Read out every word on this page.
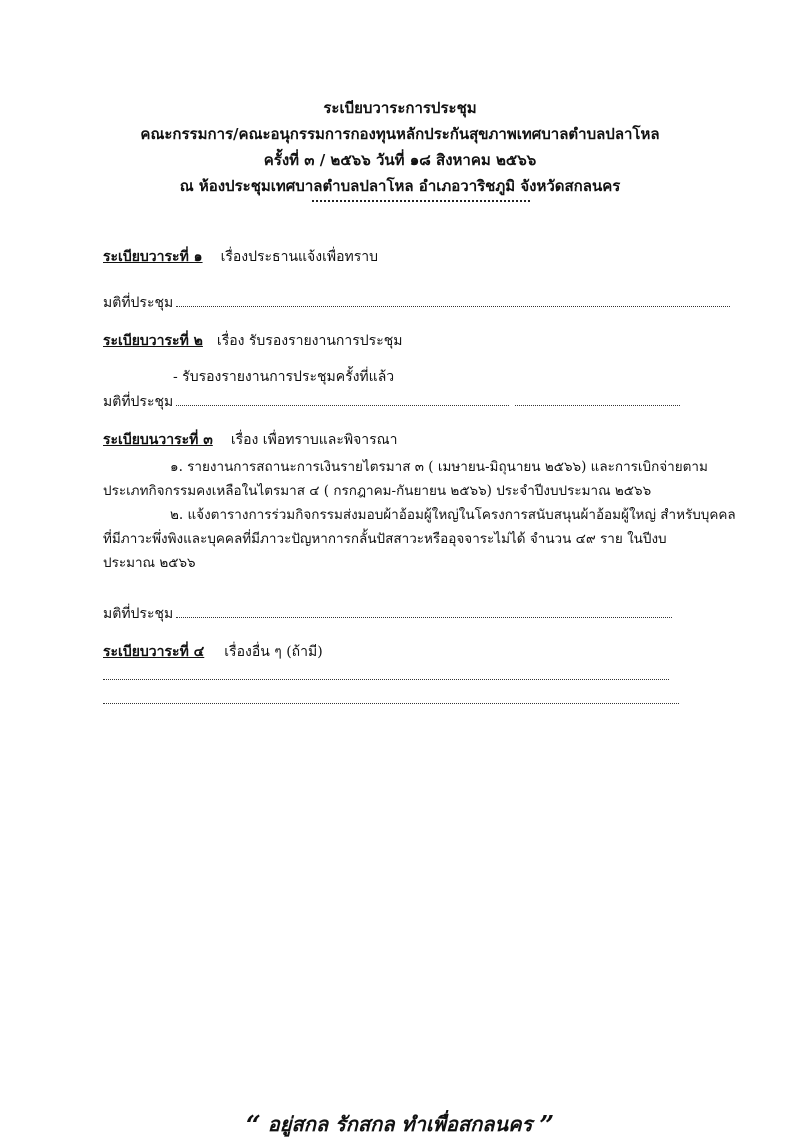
ระเบียบวาระการประชุม
คณะกรรมการ/คณะอนุกรรมการกองทุนหลักประกันสุขภาพเทศบาลตำบลปลาโหล
ครั้งที่ ๓ / ๒๕๖๖ วันที่ ๑๘ สิงหาคม ๒๕๖๖
ณ ห้องประชุมเทศบาลตำบลปลาโหล อำเภอวาริชภูมิ จังหวัดสกลนคร
ระเบียบวาระที่ ๑ เรื่องประธานแจ้งเพื่อทราบ
มติที่ประชุม
ระเบียบวาระที่ ๒ เรื่อง รับรองรายงานการประชุม
- รับรองรายงานการประชุมครั้งที่แล้ว
มติที่ประชุม
ระเบียบนวาระที่ ๓ เรื่อง เพื่อทราบและพิจารณา
๑. รายงานการสถานะการเงินรายไตรมาส ๓ ( เมษายน-มิถุนายน ๒๕๖๖) และการเบิกจ่ายตาม
ประเภทกิจกรรมคงเหลือในไตรมาส ๔ ( กรกฎาคม-กันยายน ๒๕๖๖) ประจำปีงบประมาณ ๒๕๖๖
๒. แจ้งตารางการร่วมกิจกรรมส่งมอบผ้าอ้อมผู้ใหญ่ในโครงการสนับสนุนผ้าอ้อมผู้ใหญ่ สำหรับบุคคล
ที่มีภาวะพึ่งพิงและบุคคลที่มีภาวะปัญหาการกลั้นปัสสาวะหรืออุจจาระไม่ได้ จำนวน ๔๙ ราย ในปีงบ
ประมาณ ๒๕๖๖
มติที่ประชุม
ระเบียบวาระที่ ๔ เรื่องอื่น ๆ (ถ้ามี)
“ อยู่สกล รักสกล ทำเพื่อสกลนคร ”
